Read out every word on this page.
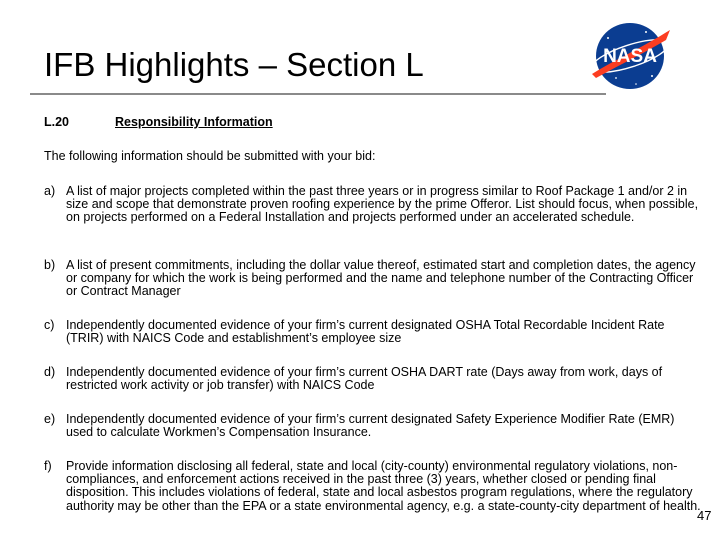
IFB Highlights – Section L	NASA
L.20	Responsibility Information
The following information should be submitted with your bid:
a) A list of major projects completed within the past three years or in progress similar to Roof Package 1 and/or 2 in size and scope that demonstrate proven roofing experience by the prime Offeror. List should focus, when possible, on projects performed on a Federal Installation and projects performed under an accelerated schedule.
b) A list of present commitments, including the dollar value thereof, estimated start and completion dates, the agency or company for which the work is being performed and the name and telephone number of the Contracting Officer or Contract Manager
c) Independently documented evidence of your firm’s current designated OSHA Total Recordable Incident Rate (TRIR) with NAICS Code and establishment’s employee size
d) Independently documented evidence of your firm’s current OSHA DART rate (Days away from work, days of restricted work activity or job transfer) with NAICS Code
e) Independently documented evidence of your firm’s current designated Safety Experience Modifier Rate (EMR) used to calculate Workmen’s Compensation Insurance.
f) Provide information disclosing all federal, state and local (city-county) environmental regulatory violations, non-compliances, and enforcement actions received in the past three (3) years, whether closed or pending final disposition. This includes violations of federal, state and local asbestos program regulations, where the regulatory authority may be other than the EPA or a state environmental agency, e.g. a state-county-city department of health.
47
